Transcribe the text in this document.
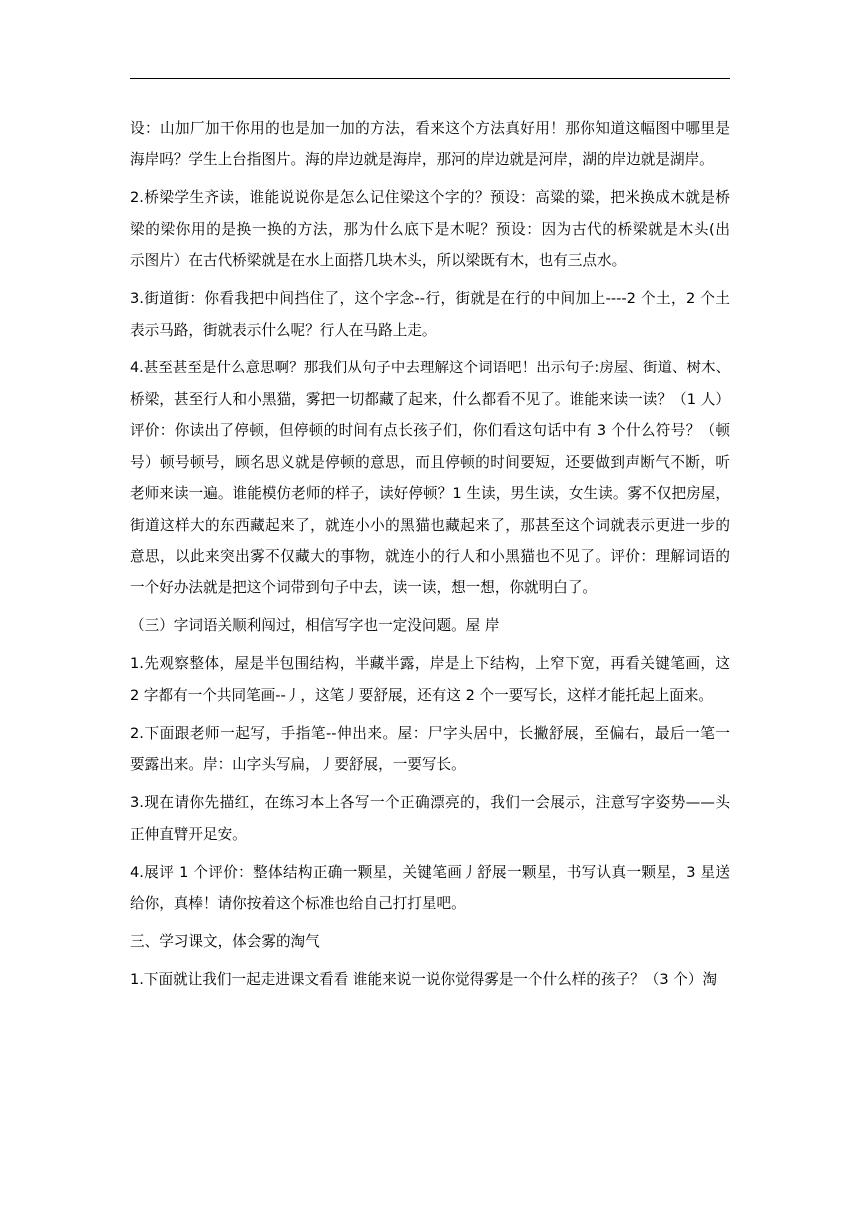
设：山加厂加干你用的也是加一加的方法，看来这个方法真好用！那你知道这幅图中哪里是
海岸吗？学生上台指图片。海的岸边就是海岸，那河的岸边就是河岸，湖的岸边就是湖岸。

2.桥梁学生齐读，谁能说说你是怎么记住梁这个字的？预设：高粱的粱，把米换成木就是桥
梁的梁你用的是换一换的方法，那为什么底下是木呢？预设：因为古代的桥梁就是木头(出
示图片）在古代桥梁就是在水上面搭几块木头，所以梁既有木，也有三点水。

3.街道街：你看我把中间挡住了，这个字念--行，街就是在行的中间加上----2 个土，2 个土
表示马路，街就表示什么呢？行人在马路上走。

4.甚至甚至是什么意思啊？那我们从句子中去理解这个词语吧！出示句子:房屋、街道、树木、
桥梁，甚至行人和小黑猫，雾把一切都藏了起来，什么都看不见了。谁能来读一读？（1 人）
评价：你读出了停顿，但停顿的时间有点长孩子们，你们看这句话中有 3 个什么符号？（顿
号）顿号顿号，顾名思义就是停顿的意思，而且停顿的时间要短，还要做到声断气不断，听
老师来读一遍。谁能模仿老师的样子，读好停顿？1 生读，男生读，女生读。雾不仅把房屋，
街道这样大的东西藏起来了，就连小小的黑猫也藏起来了，那甚至这个词就表示更进一步的
意思，以此来突出雾不仅藏大的事物，就连小的行人和小黑猫也不见了。评价：理解词语的
一个好办法就是把这个词带到句子中去，读一读，想一想，你就明白了。

（三）字词语关顺利闯过，相信写字也一定没问题。屋 岸

1.先观察整体，屋是半包围结构，半藏半露，岸是上下结构，上窄下宽，再看关键笔画，这
2 字都有一个共同笔画--丿，这笔丿要舒展，还有这 2 个一要写长，这样才能托起上面来。

2.下面跟老师一起写，手指笔--伸出来。屋：尸字头居中，长撇舒展，至偏右，最后一笔一
要露出来。岸：山字头写扁，丿要舒展，一要写长。

3.现在请你先描红，在练习本上各写一个正确漂亮的，我们一会展示，注意写字姿势——头
正伸直臂开足安。

4.展评 1 个评价：整体结构正确一颗星，关键笔画丿舒展一颗星，书写认真一颗星，3 星送
给你，真棒！请你按着这个标准也给自己打打星吧。

三、学习课文，体会雾的淘气

1.下面就让我们一起走进课文看看 谁能来说一说你觉得雾是一个什么样的孩子？（3 个）淘
